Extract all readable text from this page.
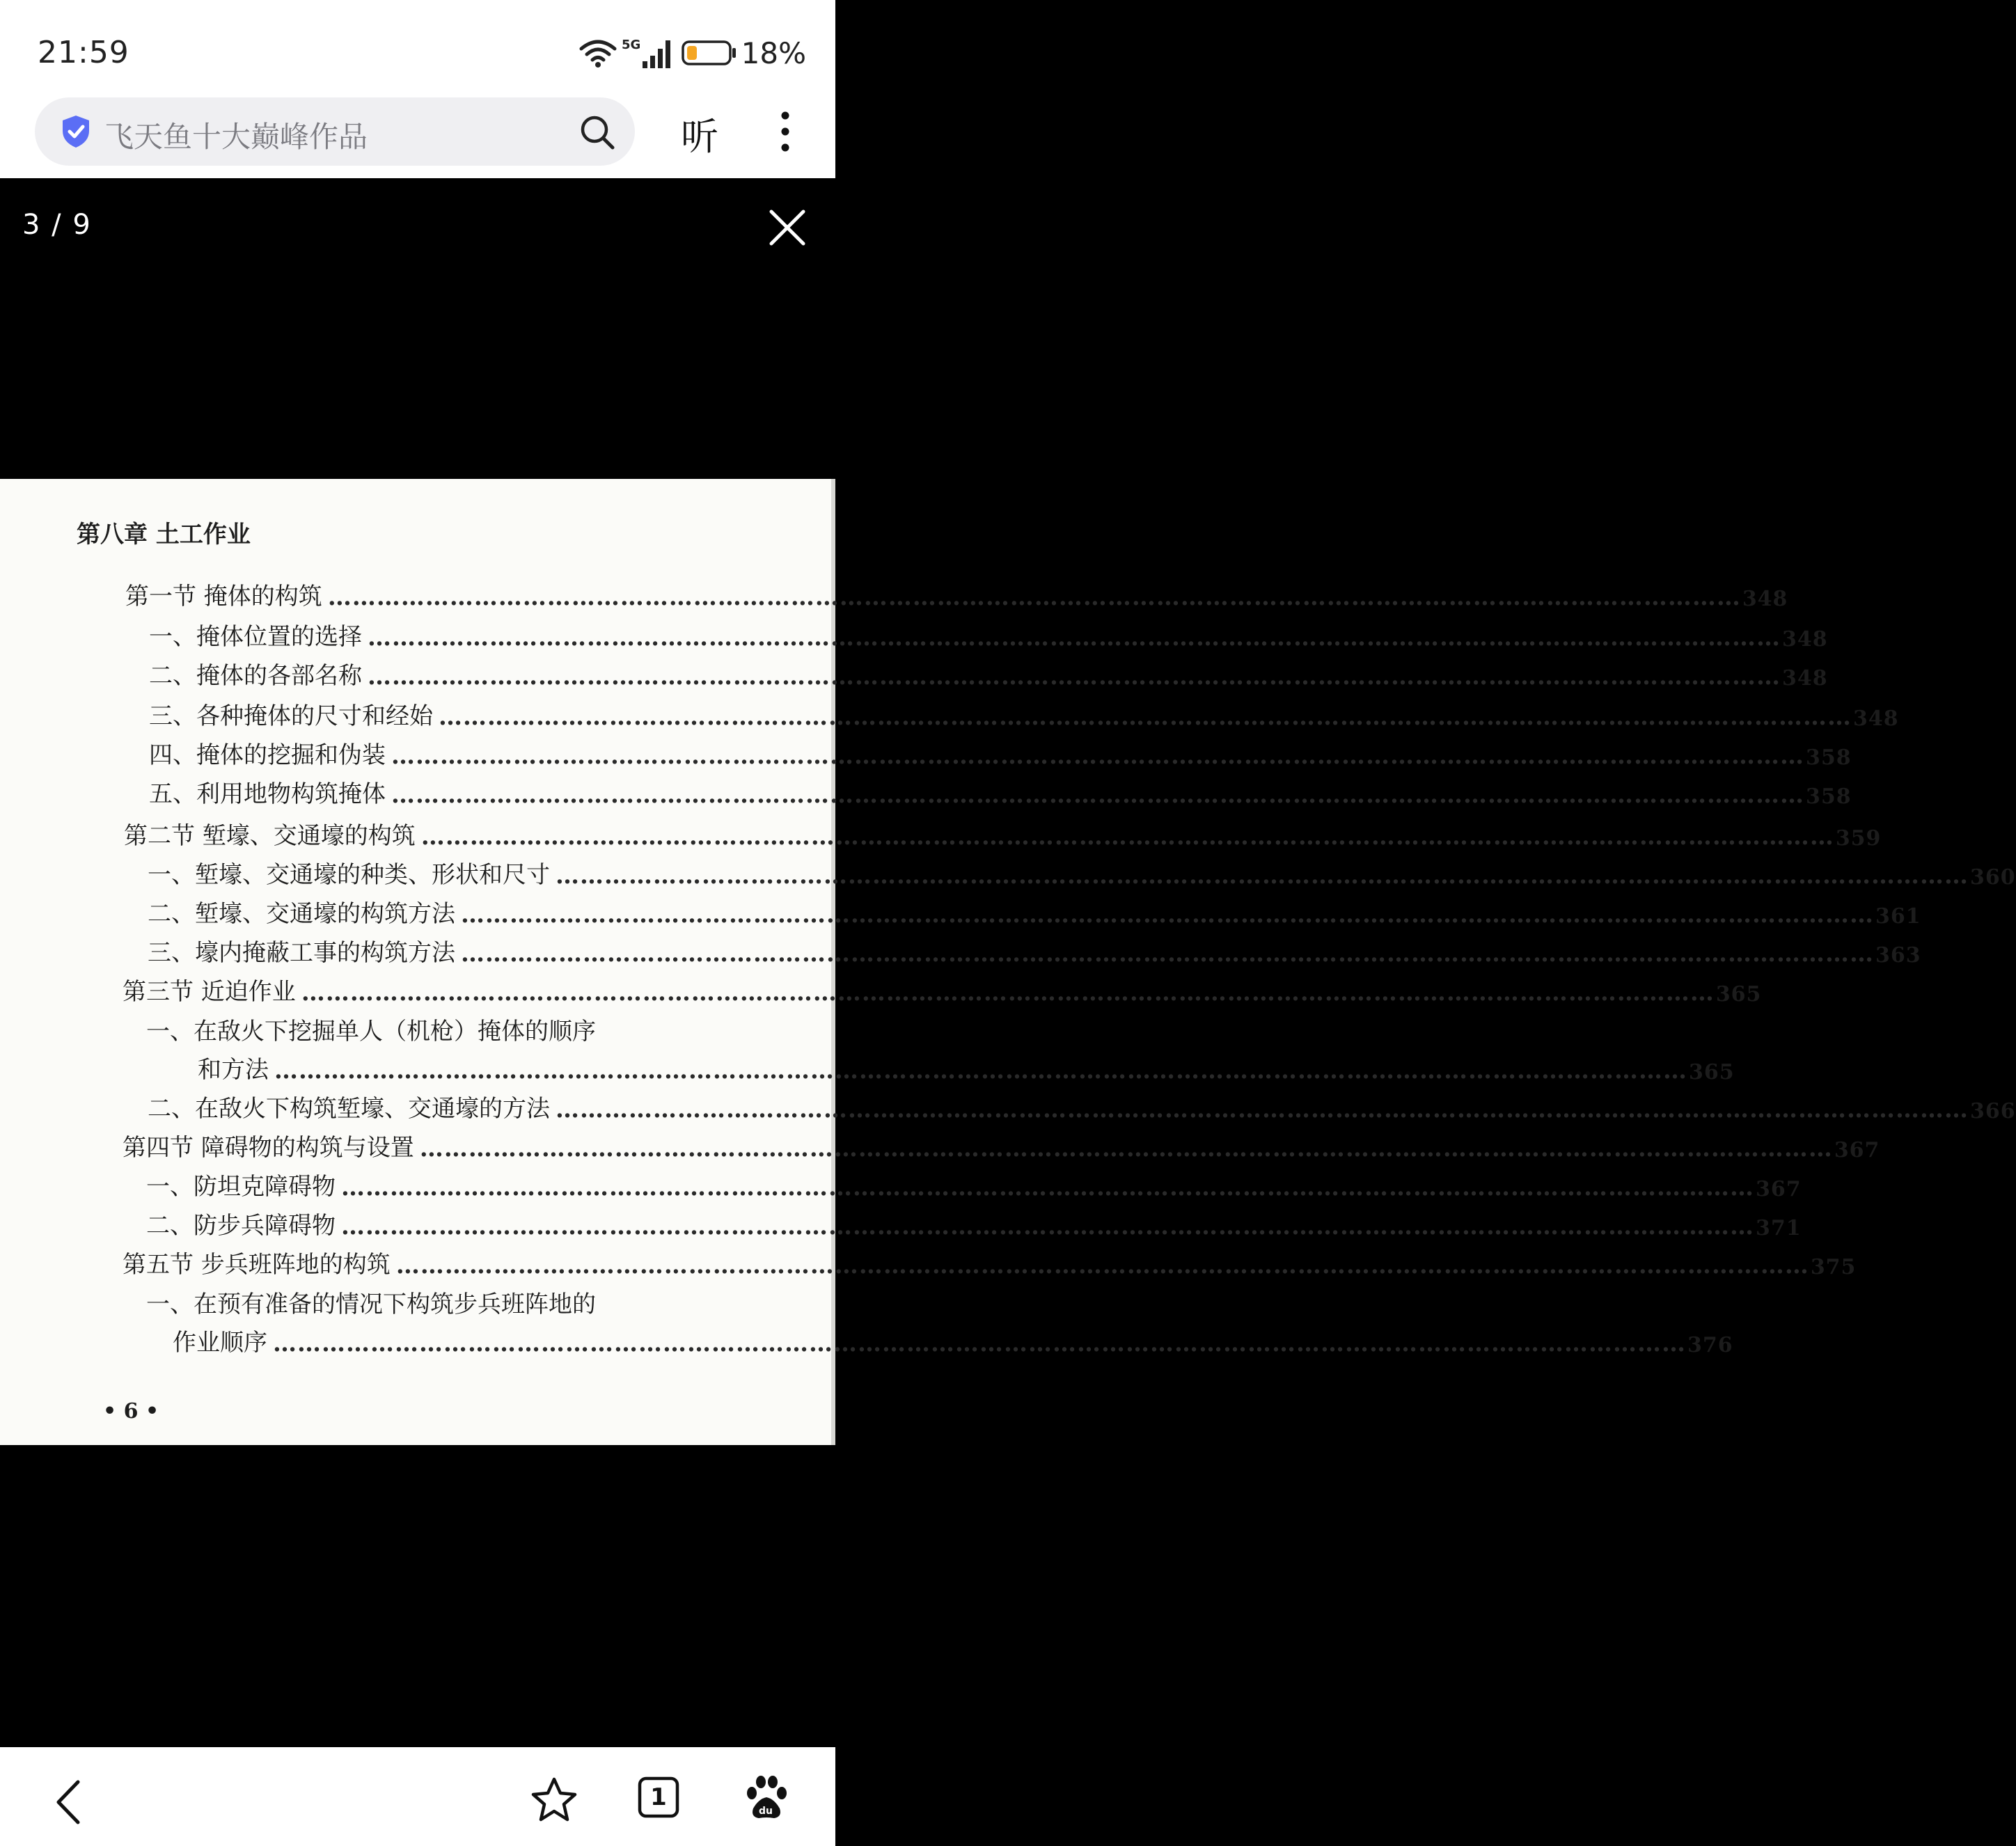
21:59	5G	18%
飞天鱼十大巅峰作品	听
3 / 9
第八章 土工作业
第一节 掩体的构筑 ………………………………………………………………………………………………………………………………………………………… 348
一、掩体位置的选择 ………………………………………………………………………………………………………………………………………………………… 348
二、掩体的各部名称 ………………………………………………………………………………………………………………………………………………………… 348
三、各种掩体的尺寸和经始 ………………………………………………………………………………………………………………………………………………………… 348
四、掩体的挖掘和伪装 ………………………………………………………………………………………………………………………………………………………… 358
五、利用地物构筑掩体 ………………………………………………………………………………………………………………………………………………………… 358
第二节 堑壕、交通壕的构筑 ………………………………………………………………………………………………………………………………………………………… 359
一、堑壕、交通壕的种类、形状和尺寸 ………………………………………………………………………………………………………………………………………………………… 360
二、堑壕、交通壕的构筑方法 ………………………………………………………………………………………………………………………………………………………… 361
三、壕内掩蔽工事的构筑方法 ………………………………………………………………………………………………………………………………………………………… 363
第三节 近迫作业 ………………………………………………………………………………………………………………………………………………………… 365
一、在敌火下挖掘单人（机枪）掩体的顺序
和方法 ………………………………………………………………………………………………………………………………………………………… 365
二、在敌火下构筑堑壕、交通壕的方法 ………………………………………………………………………………………………………………………………………………………… 366
第四节 障碍物的构筑与设置 ………………………………………………………………………………………………………………………………………………………… 367
一、防坦克障碍物 ………………………………………………………………………………………………………………………………………………………… 367
二、防步兵障碍物 ………………………………………………………………………………………………………………………………………………………… 371
第五节 步兵班阵地的构筑 ………………………………………………………………………………………………………………………………………………………… 375
一、在预有准备的情况下构筑步兵班阵地的
作业顺序 ………………………………………………………………………………………………………………………………………………………… 376
• 6 •
1	du
